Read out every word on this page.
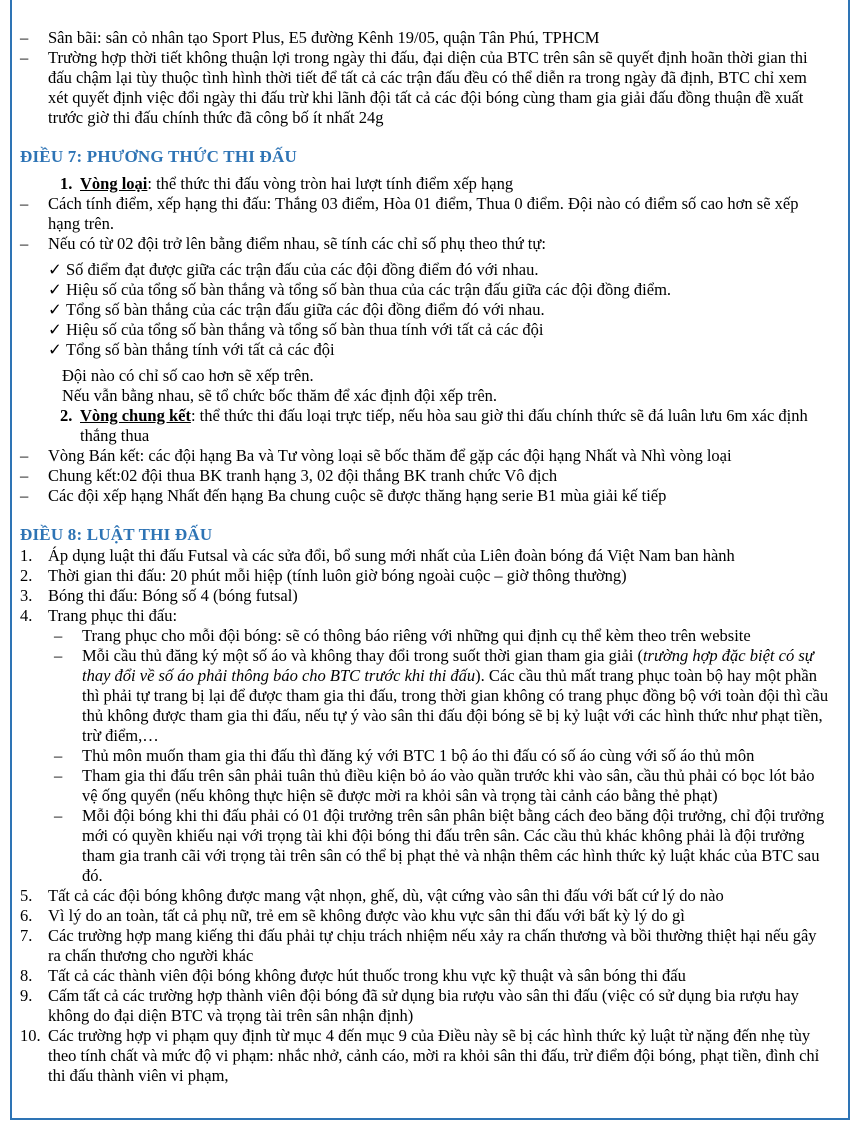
–	Sân bãi: sân cỏ nhân tạo Sport Plus, E5 đường Kênh 19/05, quận Tân Phú, TPHCM
–	Trường hợp thời tiết không thuận lợi trong ngày thi đấu, đại diện của BTC trên sân sẽ quyết định hoãn thời gian thi đấu chậm lại tùy thuộc tình hình thời tiết để tất cả các trận đấu đều có thể diễn ra trong ngày đã định, BTC chỉ xem xét quyết định việc đổi ngày thi đấu trừ khi lãnh đội tất cả các đội bóng cùng tham gia giải đấu đồng thuận đề xuất trước giờ thi đấu chính thức đã công bố ít nhất 24g
ĐIỀU 7: PHƯƠNG THỨC THI ĐẤU
1. Vòng loại: thể thức thi đấu vòng tròn hai lượt tính điểm xếp hạng
–	Cách tính điểm, xếp hạng thi đấu: Thắng 03 điểm, Hòa 01 điểm, Thua 0 điểm. Đội nào có điểm số cao hơn sẽ xếp hạng trên.
–	Nếu có từ 02 đội trở lên bằng điểm nhau, sẽ tính các chỉ số phụ theo thứ tự:
✓ Số điểm đạt được giữa các trận đấu của các đội đồng điểm đó với nhau.
✓ Hiệu số của tổng số bàn thắng và tổng số bàn thua của các trận đấu giữa các đội đồng điểm.
✓ Tổng số bàn thắng của các trận đấu giữa các đội đồng điểm đó với nhau.
✓ Hiệu số của tổng số bàn thắng và tổng số bàn thua tính với tất cả các đội
✓ Tổng số bàn thắng tính với tất cả các đội
Đội nào có chỉ số cao hơn sẽ xếp trên.
Nếu vẫn bằng nhau, sẽ tổ chức bốc thăm để xác định đội xếp trên.
2. Vòng chung kết: thể thức thi đấu loại trực tiếp, nếu hòa sau giờ thi đấu chính thức sẽ đá luân lưu 6m xác định thắng thua
–	Vòng Bán kết: các đội hạng Ba và Tư vòng loại sẽ bốc thăm để gặp các đội hạng Nhất và Nhì vòng loại
–	Chung kết:02 đội thua BK tranh hạng 3, 02 đội thắng BK tranh chức Vô địch
–	Các đội xếp hạng Nhất đến hạng Ba chung cuộc sẽ được thăng hạng serie B1 mùa giải kế tiếp
ĐIỀU 8: LUẬT THI ĐẤU
1. Áp dụng luật thi đấu Futsal và các sửa đổi, bổ sung mới nhất của Liên đoàn bóng đá Việt Nam ban hành
2. Thời gian thi đấu: 20 phút mỗi hiệp (tính luôn giờ bóng ngoài cuộc – giờ thông thường)
3. Bóng thi đấu: Bóng số 4 (bóng futsal)
4. Trang phục thi đấu:
– Trang phục cho mỗi đội bóng: sẽ có thông báo riêng với những qui định cụ thể kèm theo trên website
– Mỗi cầu thủ đăng ký một số áo và không thay đổi trong suốt thời gian tham gia giải (trường hợp đặc biệt có sự thay đổi về số áo phải thông báo cho BTC trước khi thi đấu). Các cầu thủ mất trang phục toàn bộ hay một phần thì phải tự trang bị lại để được tham gia thi đấu, trong thời gian không có trang phục đồng bộ với toàn đội thì cầu thủ không được tham gia thi đấu, nếu tự ý vào sân thi đấu đội bóng sẽ bị kỷ luật với các hình thức như phạt tiền, trừ điểm,…
– Thủ môn muốn tham gia thi đấu thì đăng ký với BTC 1 bộ áo thi đấu có số áo cùng với số áo thủ môn
– Tham gia thi đấu trên sân phải tuân thủ điều kiện bỏ áo vào quần trước khi vào sân, cầu thủ phải có bọc lót bảo vệ ống quyển (nếu không thực hiện sẽ được mời ra khỏi sân và trọng tài cảnh cáo bằng thẻ phạt)
– Mỗi đội bóng khi thi đấu phải có 01 đội trưởng trên sân phân biệt bằng cách đeo băng đội trưởng, chỉ đội trưởng mới có quyền khiếu nại với trọng tài khi đội bóng thi đấu trên sân. Các cầu thủ khác không phải là đội trưởng tham gia tranh cãi với trọng tài trên sân có thể bị phạt thẻ và nhận thêm các hình thức kỷ luật khác của BTC sau đó.
5. Tất cả các đội bóng không được mang vật nhọn, ghế, dù, vật cứng vào sân thi đấu với bất cứ lý do nào
6. Vì lý do an toàn, tất cả phụ nữ, trẻ em sẽ không được vào khu vực sân thi đấu với bất kỳ lý do gì
7. Các trường hợp mang kiếng thi đấu phải tự chịu trách nhiệm nếu xảy ra chấn thương và bồi thường thiệt hại nếu gây ra chấn thương cho người khác
8. Tất cả các thành viên đội bóng không được hút thuốc trong khu vực kỹ thuật và sân bóng thi đấu
9. Cấm tất cả các trường hợp thành viên đội bóng đã sử dụng bia rượu vào sân thi đấu (việc có sử dụng bia rượu hay không do đại diện BTC và trọng tài trên sân nhận định)
10. Các trường hợp vi phạm quy định từ mục 4 đến mục 9 của Điều này sẽ bị các hình thức kỷ luật từ nặng đến nhẹ tùy theo tính chất và mức độ vi phạm: nhắc nhở, cảnh cáo, mời ra khỏi sân thi đấu, trừ điểm đội bóng, phạt tiền, đình chỉ thi đấu thành viên vi phạm,
